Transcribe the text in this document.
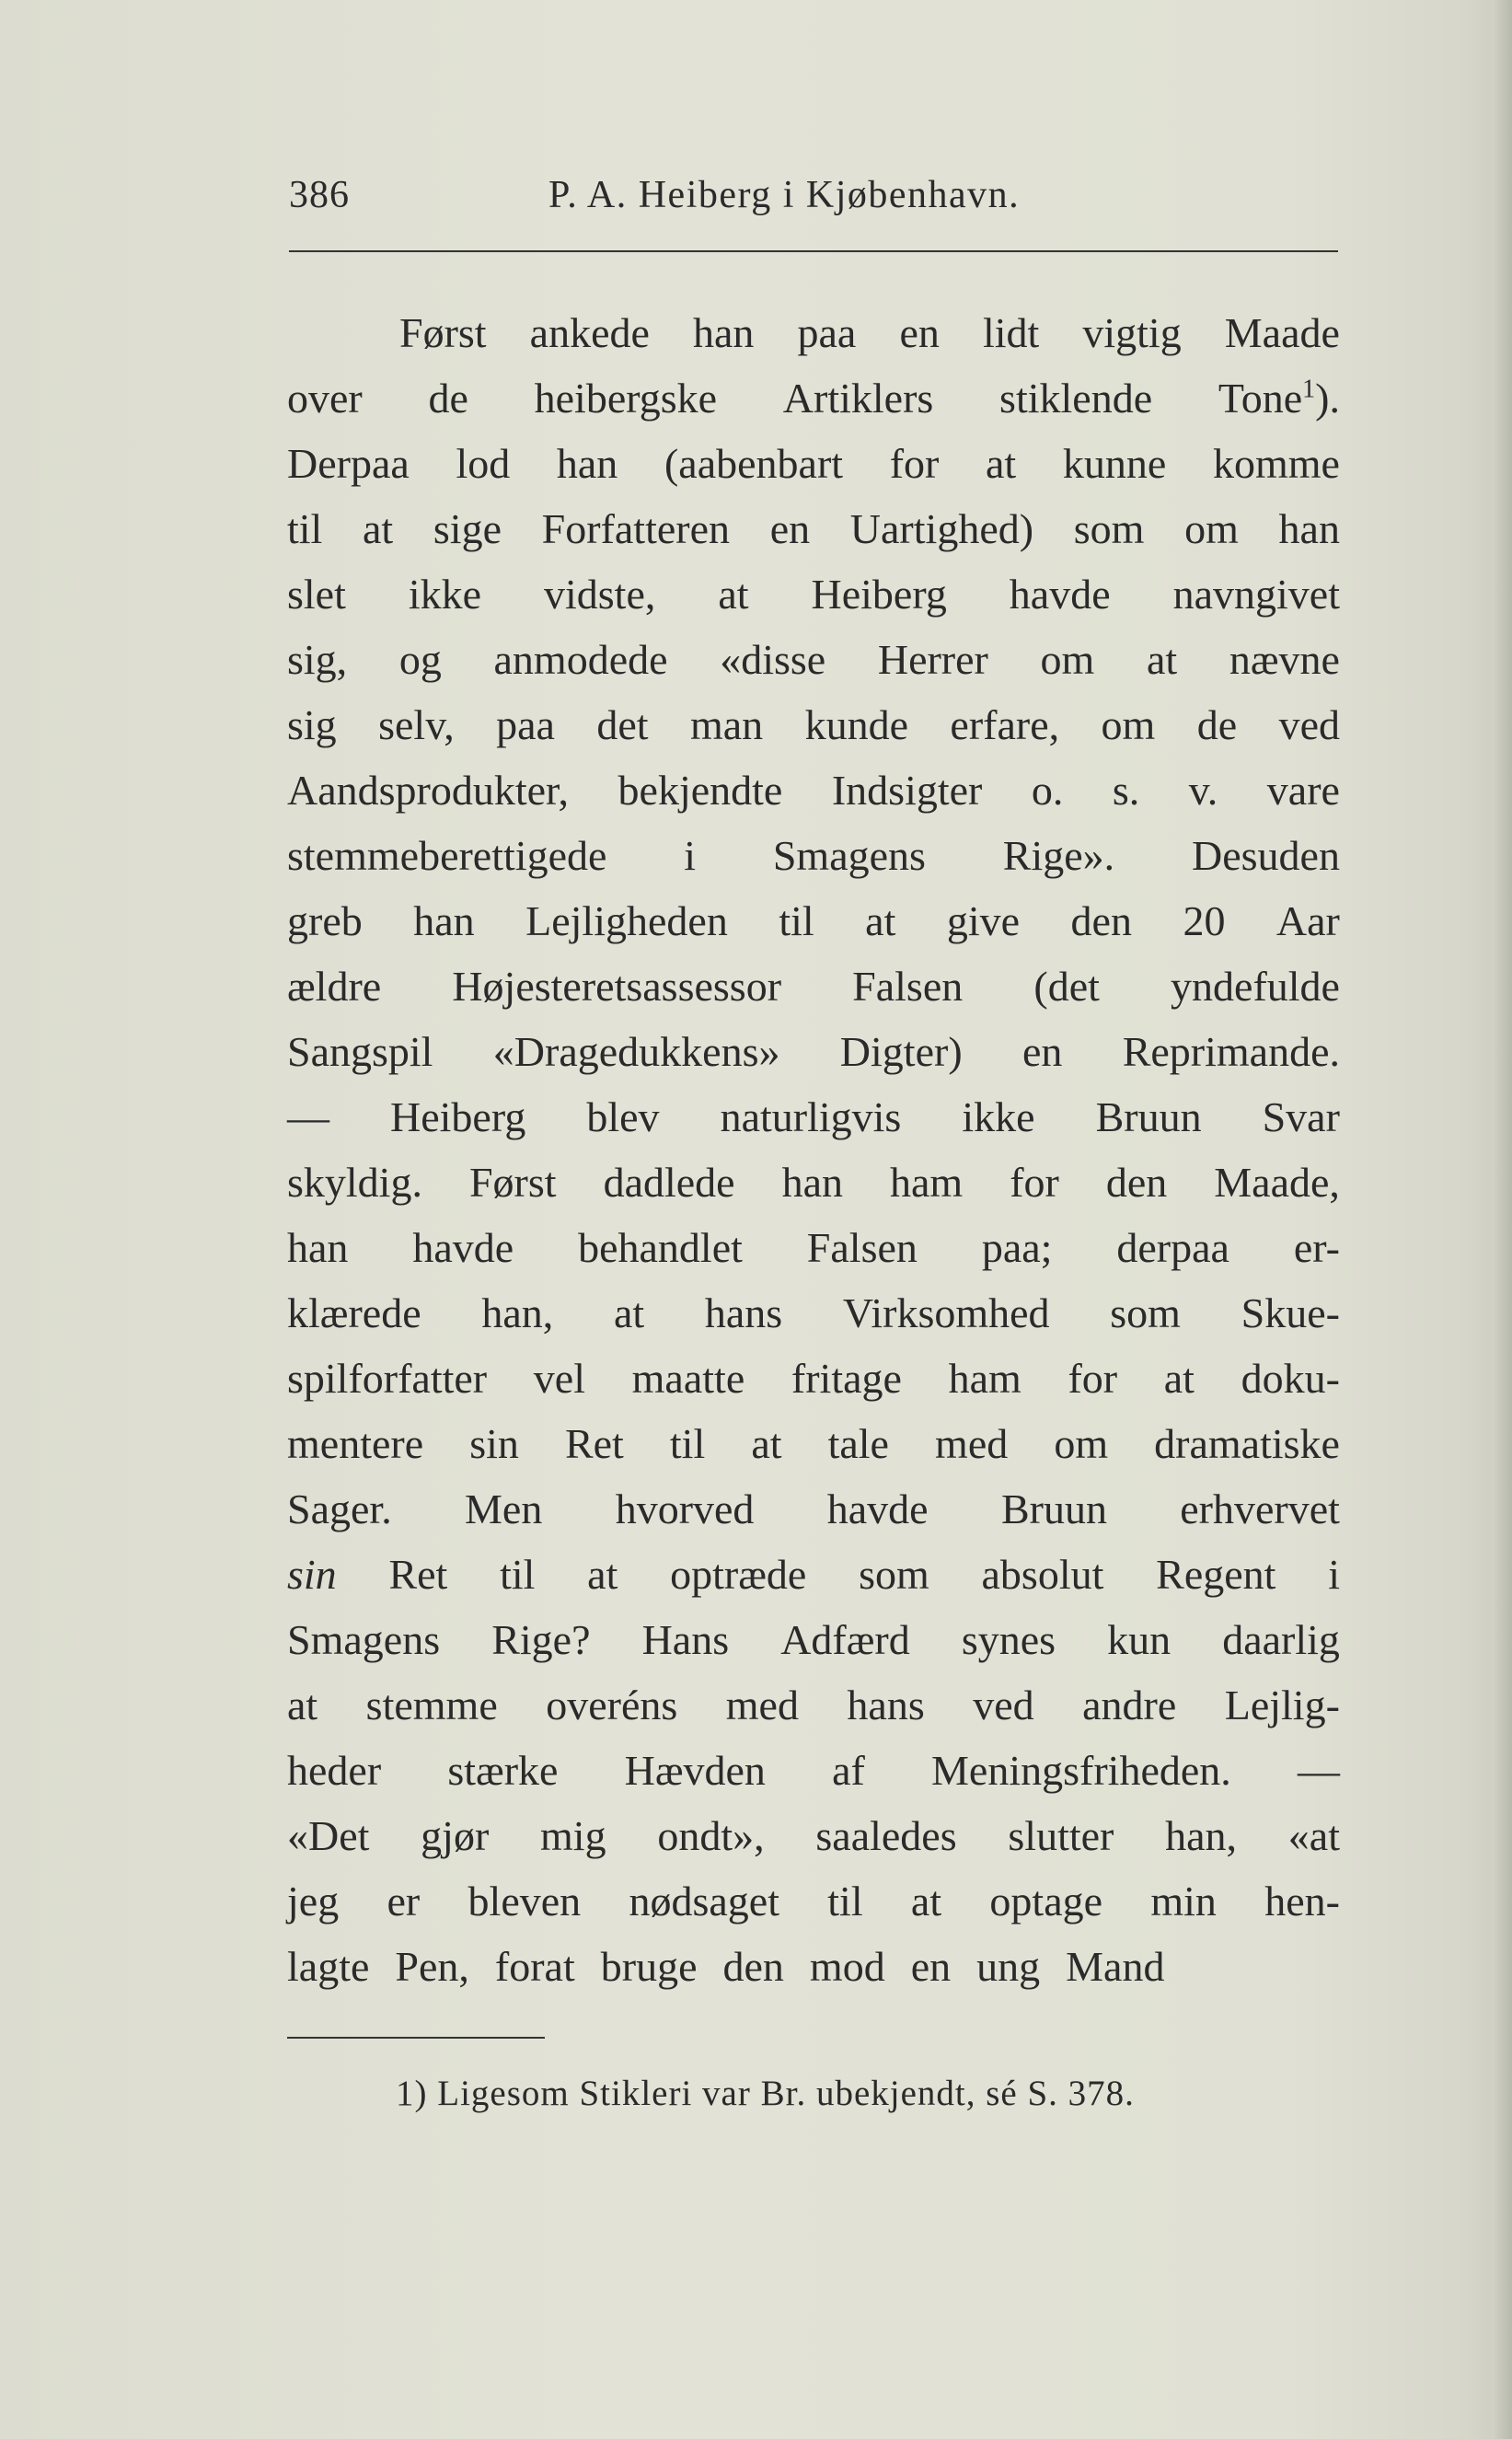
386	P. A. Heiberg i Kjøbenhavn.
Først ankede han paa en lidt vigtig Maade
over de heibergske Artiklers stiklende Tone$^1$).
Derpaa lod han (aabenbart for at kunne komme
til at sige Forfatteren en Uartighed) som om han
slet ikke vidste, at Heiberg havde navngivet
sig, og anmodede «disse Herrer om at nævne
sig selv, paa det man kunde erfare, om de ved
Aandsprodukter, bekjendte Indsigter o. s. v. vare
stemmeberettigede i Smagens Rige». Desuden
greb han Lejligheden til at give den 20 Aar
ældre Højesteretsassessor Falsen (det yndefulde
Sangspil «Dragedukkens» Digter) en Reprimande.
— Heiberg blev naturligvis ikke Bruun Svar
skyldig. Først dadlede han ham for den Maade,
han havde behandlet Falsen paa; derpaa er-
klærede han, at hans Virksomhed som Skue-
spilforfatter vel maatte fritage ham for at doku-
mentere sin Ret til at tale med om dramatiske
Sager. Men hvorved havde Bruun erhvervet
sin Ret til at optræde som absolut Regent i
Smagens Rige? Hans Adfærd synes kun daarlig
at stemme overéns med hans ved andre Lejlig-
heder stærke Hævden af Meningsfriheden. —
«Det gjør mig ondt», saaledes slutter han, «at
jeg er bleven nødsaget til at optage min hen-
lagte Pen, forat bruge den mod en ung Mand
1) Ligesom Stikleri var Br. ubekjendt, sé S. 378.
